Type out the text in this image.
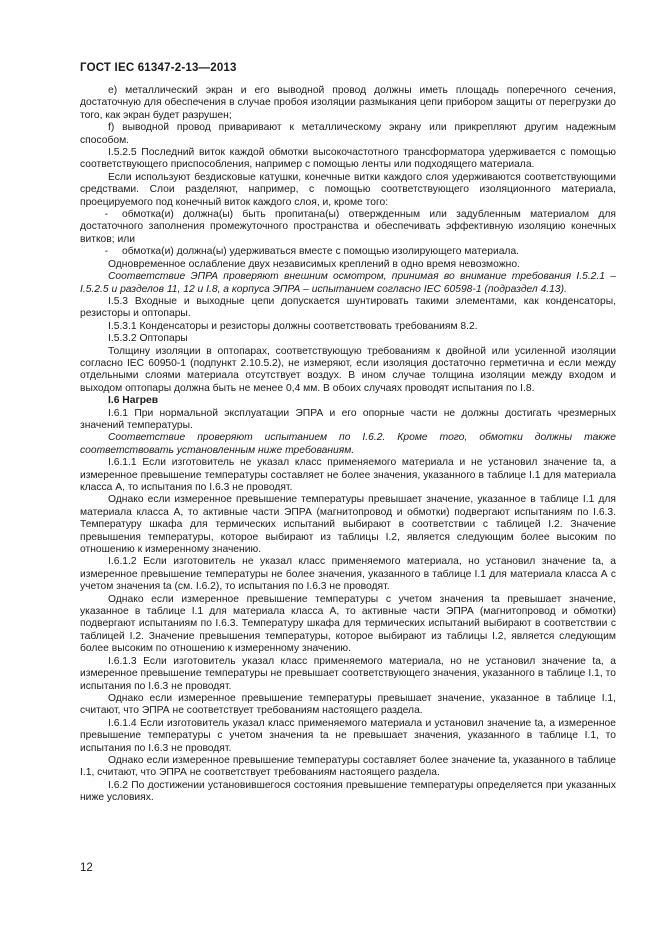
ГОСТ IEC 61347-2-13—2013

e) металлический экран и его выводной провод должны иметь площадь поперечного сечения, достаточную для обеспечения в случае пробоя изоляции размыкания цепи прибором защиты от перегрузки до того, как экран будет разрушен;

f) выводной провод приваривают к металлическому экрану или прикрепляют другим надежным способом.

I.5.2.5 Последний виток каждой обмотки высокочастотного трансформатора удерживается с помощью соответствующего приспособления, например с помощью ленты или подходящего материала.

Если используют бездисковые катушки, конечные витки каждого слоя удерживаются соответствующими средствами. Слои разделяют, например, с помощью соответствующего изоляционного материала, проецируемого под конечный виток каждого слоя, и, кроме того:

- обмотка(и) должна(ы) быть пропитана(ы) отвержденным или задубленным материалом для достаточного заполнения промежуточного пространства и обеспечивать эффективную изоляцию конечных витков; или

- обмотка(и) должна(ы) удерживаться вместе с помощью изолирующего материала.

Одновременное ослабление двух независимых креплений в одно время невозможно.

Соответствие ЭПРА проверяют внешним осмотром, принимая во внимание требования I.5.2.1 –I.5.2.5 и разделов 11, 12 и I.8, а корпуса ЭПРА – испытанием согласно IEC 60598-1 (подраздел 4.13).

I.5.3 Входные и выходные цепи допускается шунтировать такими элементами, как конденсаторы, резисторы и оптопары.

I.5.3.1 Конденсаторы и резисторы должны соответствовать требованиям 8.2.

I.5.3.2 Оптопары

Толщину изоляции в оптопарах, соответствующую требованиям к двойной или усиленной изоляции согласно IEC 60950-1 (подпункт 2.10.5.2), не измеряют, если изоляция достаточно герметична и если между отдельными слоями материала отсутствует воздух. В ином случае толщина изоляции между входом и выходом оптопары должна быть не менее 0,4 мм. В обоих случаях проводят испытания по I.8.

I.6 Нагрев

I.6.1 При нормальной эксплуатации ЭПРА и его опорные части не должны достигать чрезмерных значений температуры.

Соответствие проверяют испытанием по I.6.2. Кроме того, обмотки должны также соответствовать установленным ниже требованиям.

I.6.1.1 Если изготовитель не указал класс применяемого материала и не установил значение tа, а измеренное превышение температуры составляет не более значения, указанного в таблице I.1 для материала класса А, то испытания по I.6.3 не проводят.

Однако если измеренное превышение температуры превышает значение, указанное в таблице I.1 для материала класса А, то активные части ЭПРА (магнитопровод и обмотки) подвергают испытаниям по I.6.3. Температуру шкафа для термических испытаний выбирают в соответствии с таблицей I.2. Значение превышения температуры, которое выбирают из таблицы I.2, является следующим более высоким по отношению к измеренному значению.

I.6.1.2 Если изготовитель не указал класс применяемого материала, но установил значение tа, а измеренное превышение температуры не более значения, указанного в таблице I.1 для материала класса А с учетом значения tа (см. I.6.2), то испытания по I.6.3 не проводят.

Однако если измеренное превышение температуры с учетом значения tа превышает значение, указанное в таблице I.1 для материала класса А, то активные части ЭПРА (магнитопровод и обмотки) подвергают испытаниям по I.6.3. Температуру шкафа для термических испытаний выбирают в соответствии с таблицей I.2. Значение превышения температуры, которое выбирают из таблицы I.2, является следующим более высоким по отношению к измеренному значению.

I.6.1.3 Если изготовитель указал класс применяемого материала, но не установил значение tа, а измеренное превышение температуры не превышает соответствующего значения, указанного в таблице I.1, то испытания по I.6.3 не проводят.

Однако если измеренное превышение температуры превышает значение, указанное в таблице I.1, считают, что ЭПРА не соответствует требованиям настоящего раздела.

I.6.1.4 Если изготовитель указал класс применяемого материала и установил значение tа, а измеренное превышение температуры с учетом значения tа не превышает значения, указанного в таблице I.1, то испытания по I.6.3 не проводят.

Однако если измеренное превышение температуры составляет более значение tа, указанного в таблице I.1, считают, что ЭПРА не соответствует требованиям настоящего раздела.

I.6.2 По достижении установившегося состояния превышение температуры определяется при указанных ниже условиях.

12
